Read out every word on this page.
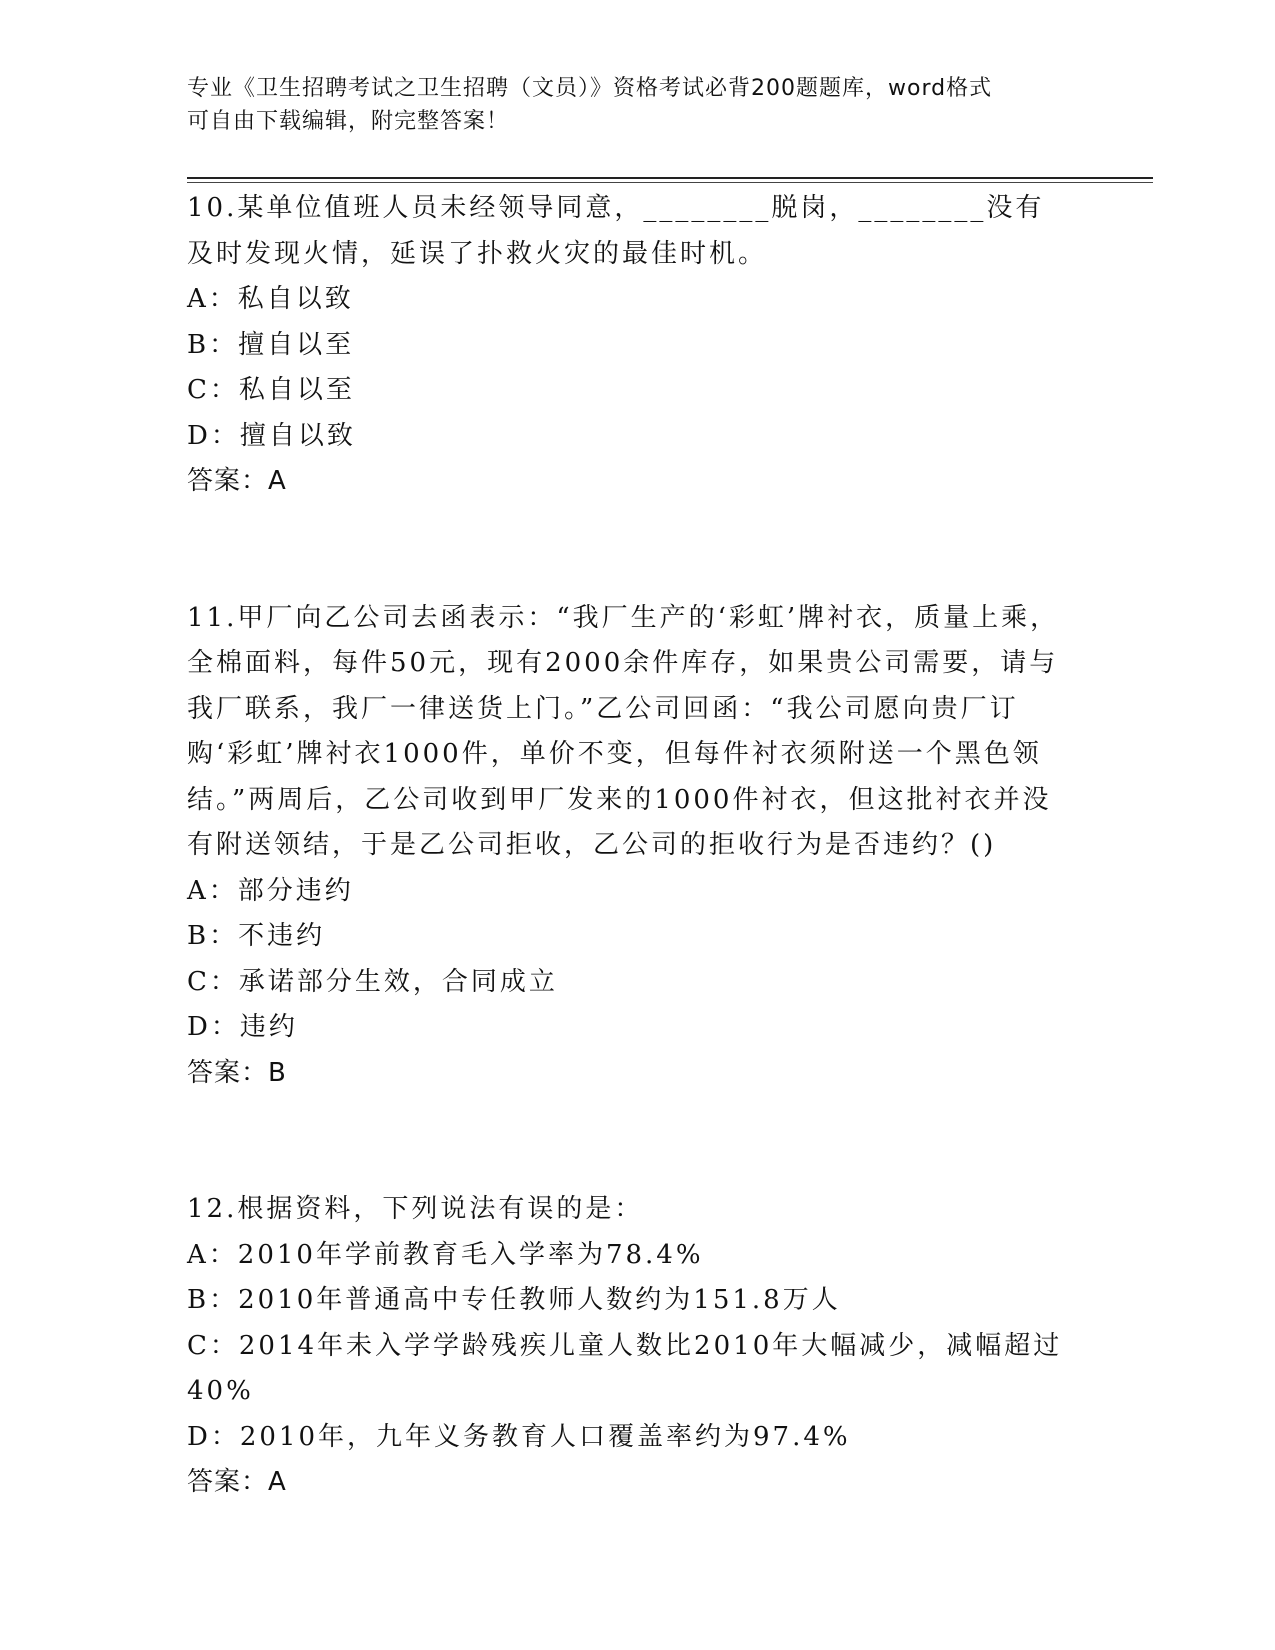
专业《卫生招聘考试之卫生招聘（文员）》资格考试必背200题题库，word格式
可自由下载编辑，附完整答案！

10.某单位值班人员未经领导同意，________脱岗，________没有及时发现火情，延误了扑救火灾的最佳时机。

A：私自以致

B：擅自以至

C：私自以至

D：擅自以致

答案：A

11.甲厂向乙公司去函表示：“我厂生产的‘彩虹’牌衬衣，质量上乘，全棉面料，每件50元，现有2000余件库存，如果贵公司需要，请与我厂联系，我厂一律送货上门。”乙公司回函：“我公司愿向贵厂订购‘彩虹’牌衬衣1000件，单价不变，但每件衬衣须附送一个黑色领结。”两周后，乙公司收到甲厂发来的1000件衬衣，但这批衬衣并没有附送领结，于是乙公司拒收，乙公司的拒收行为是否违约？()

A：部分违约

B：不违约

C：承诺部分生效，合同成立

D：违约

答案：B

12.根据资料，下列说法有误的是：

A：2010年学前教育毛入学率为78.4%

B：2010年普通高中专任教师人数约为151.8万人

C：2014年未入学学龄残疾儿童人数比2010年大幅减少，减幅超过40%

D：2010年，九年义务教育人口覆盖率约为97.4%

答案：A
